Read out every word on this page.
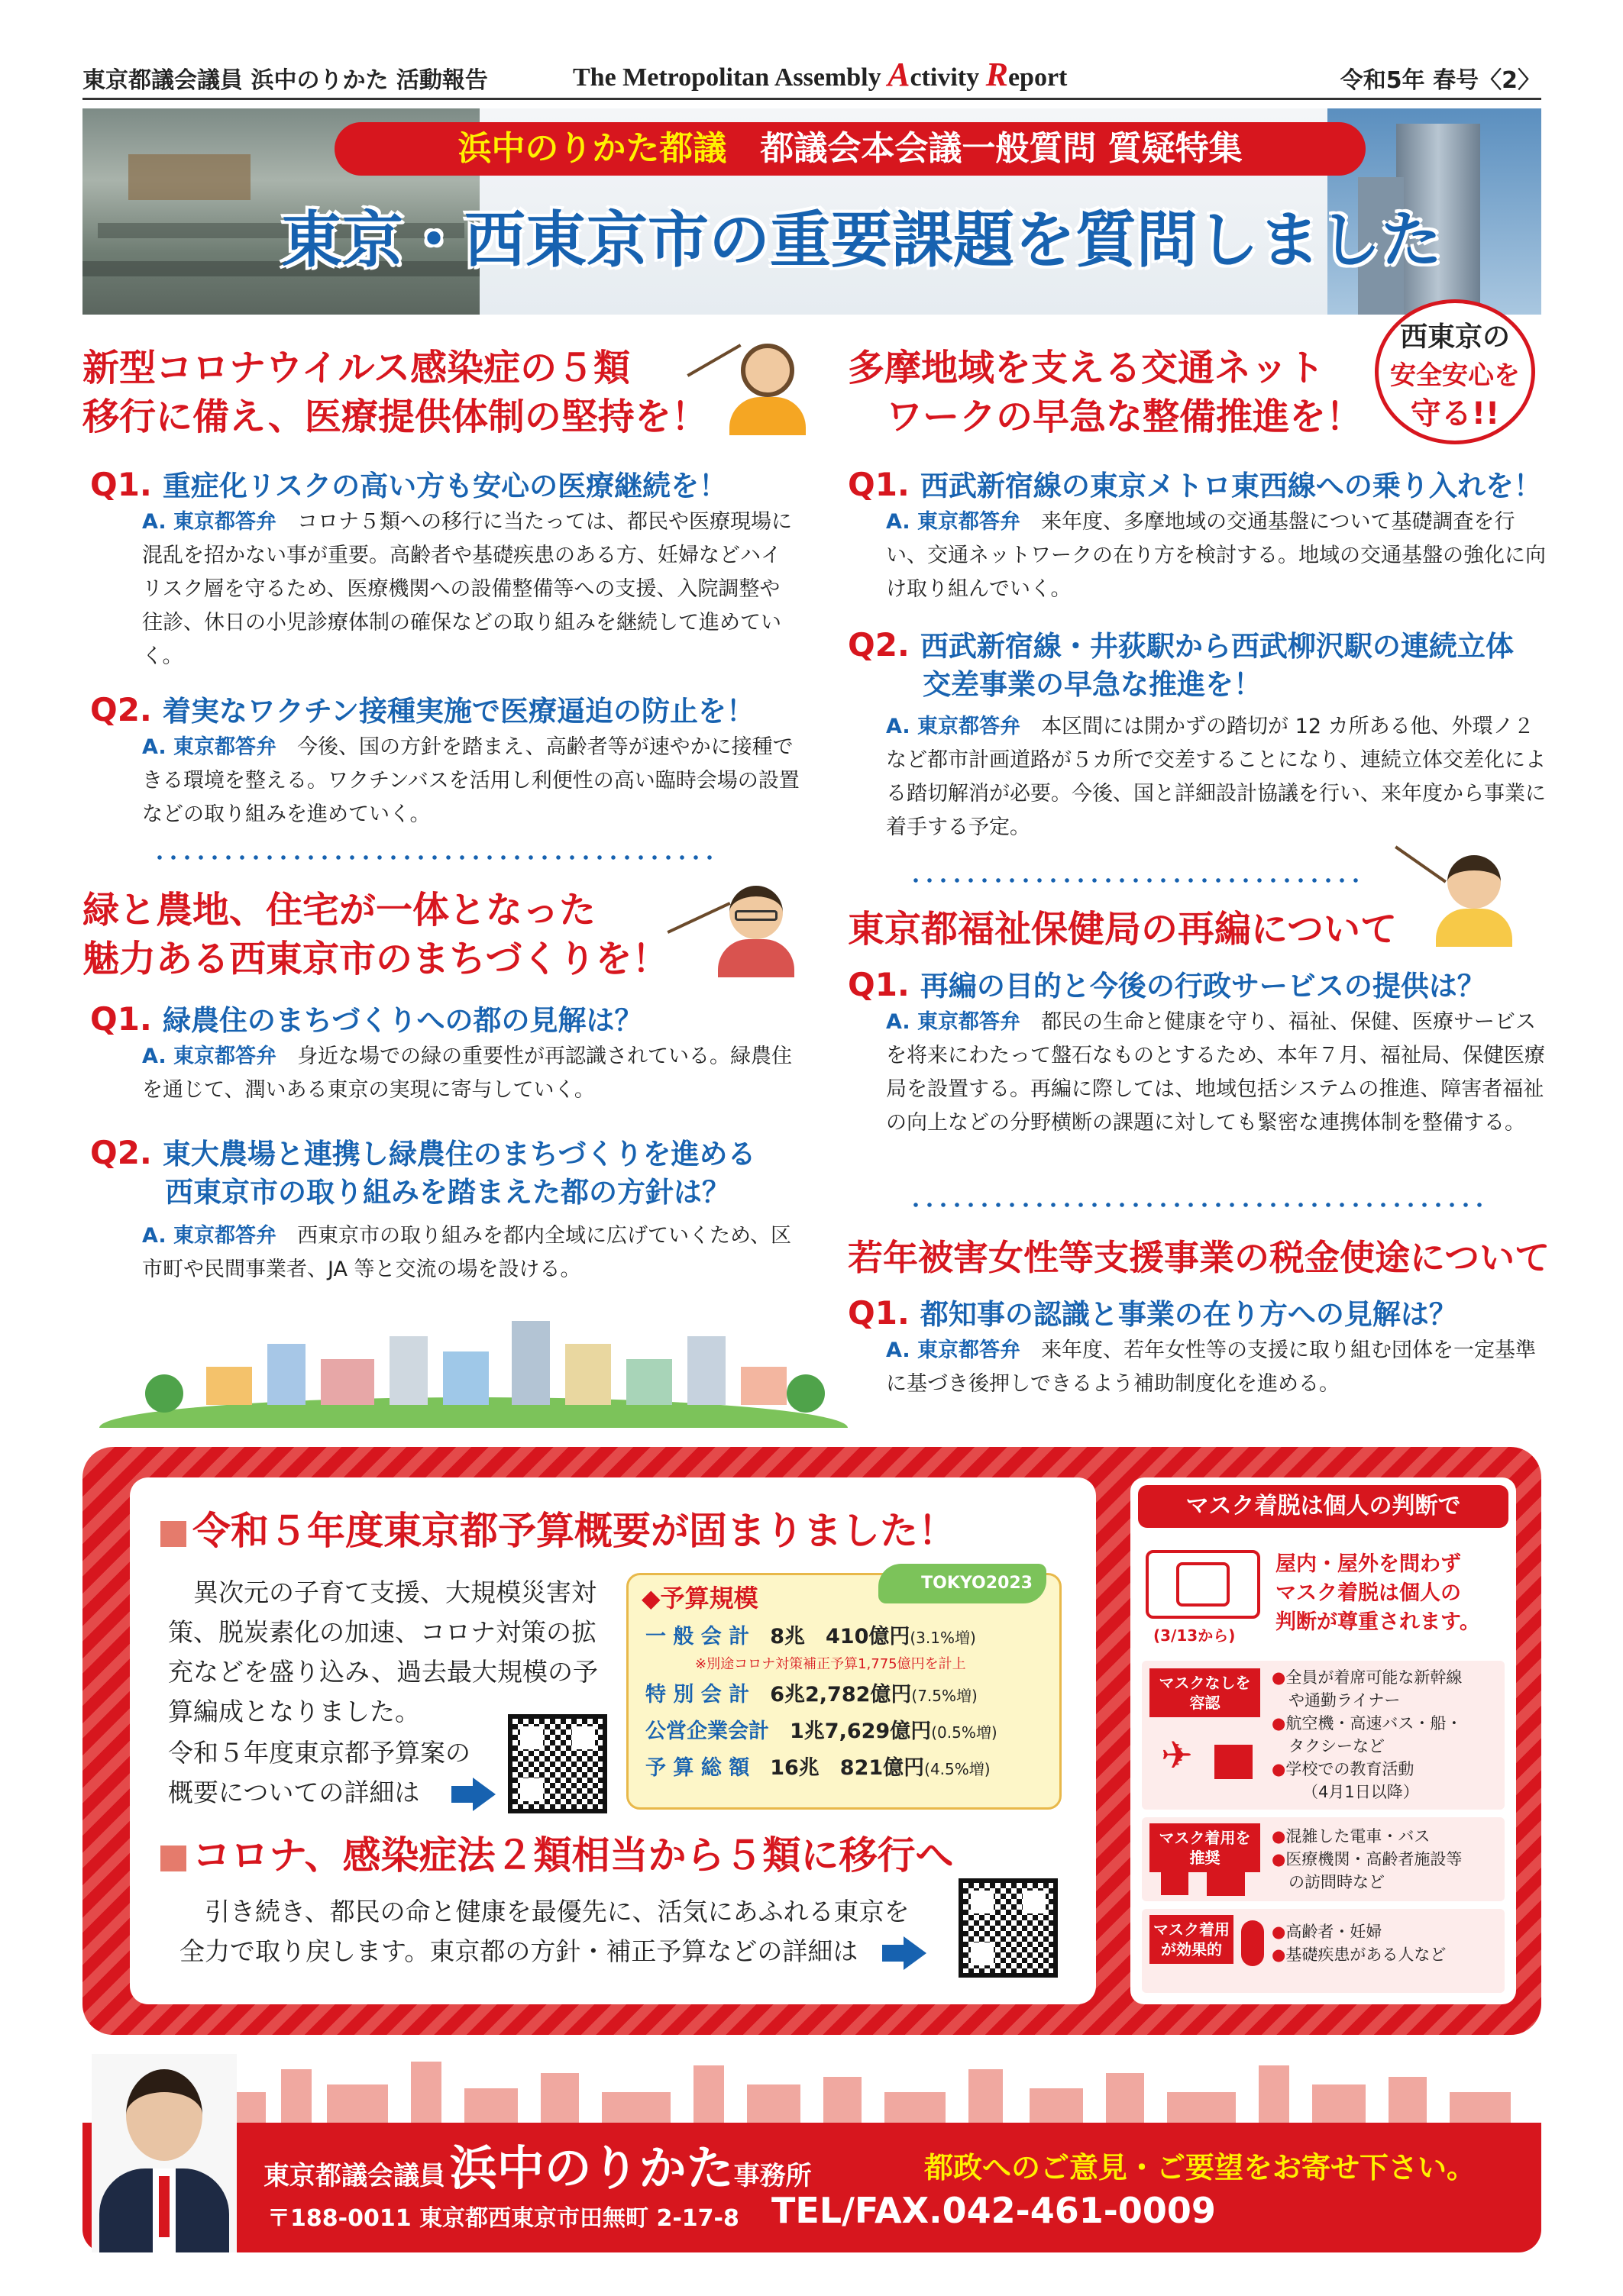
東京都議会議員 浜中のりかた 活動報告	The Metropolitan Assembly Activity Report	令和5年 春号〈2〉
浜中のりかた都議　 都議会本会議一般質問 質疑特集
東京・西東京市の重要課題を質問しました
西東京の
安全安心を
守る!!
新型コロナウイルス感染症の５類
移行に備え、医療提供体制の堅持を！
Q1. 重症化リスクの高い方も安心の医療継続を！
A. 東京都答弁　 コロナ５類への移行に当たっては、都民や医療現場に混乱を招かない事が重要。高齢者や基礎疾患のある方、妊婦などハイリスク層を守るため、医療機関への設備整備等への支援、入院調整や往診、休日の小児診療体制の確保などの取り組みを継続して進めていく。
Q2. 着実なワクチン接種実施で医療逼迫の防止を！
A. 東京都答弁　 今後、国の方針を踏まえ、高齢者等が速やかに接種できる環境を整える。ワクチンバスを活用し利便性の高い臨時会場の設置などの取り組みを進めていく。
緑と農地、住宅が一体となった
魅力ある西東京市のまちづくりを！
Q1. 緑農住のまちづくりへの都の見解は？
A. 東京都答弁　 身近な場での緑の重要性が再認識されている。緑農住を通じて、潤いある東京の実現に寄与していく。
Q2. 東大農場と連携し緑農住のまちづくりを進める
西東京市の取り組みを踏まえた都の方針は？
A. 東京都答弁　 西東京市の取り組みを都内全域に広げていくため、区市町や民間事業者、JA 等と交流の場を設ける。
多摩地域を支える交通ネット
ワークの早急な整備推進を！
Q1. 西武新宿線の東京メトロ東西線への乗り入れを！
A. 東京都答弁　 来年度、多摩地域の交通基盤について基礎調査を行い、交通ネットワークの在り方を検討する。地域の交通基盤の強化に向け取り組んでいく。
Q2. 西武新宿線・井荻駅から西武柳沢駅の連続立体
交差事業の早急な推進を！
A. 東京都答弁　 本区間には開かずの踏切が 12 カ所ある他、外環ノ２など都市計画道路が５カ所で交差することになり、連続立体交差化による踏切解消が必要。今後、国と詳細設計協議を行い、来年度から事業に着手する予定。
東京都福祉保健局の再編について
Q1. 再編の目的と今後の行政サービスの提供は？
A. 東京都答弁　 都民の生命と健康を守り、福祉、保健、医療サービスを将来にわたって盤石なものとするため、本年７月、福祉局、保健医療局を設置する。再編に際しては、地域包括システムの推進、障害者福祉の向上などの分野横断の課題に対しても緊密な連携体制を整備する。
若年被害女性等支援事業の税金使途について
Q1. 都知事の認識と事業の在り方への見解は？
A. 東京都答弁　 来年度、若年女性等の支援に取り組む団体を一定基準に基づき後押しできるよう補助制度化を進める。
令和５年度東京都予算概要が固まりました！
異次元の子育て支援、大規模災害対策、脱炭素化の加速、コロナ対策の拡充などを盛り込み、過去最大規模の予算編成となりました。
令和５年度東京都予算案の
概要についての詳細は
◆予算規模
TOKYO2023
一 般 会 計　 8兆　410億円(3.1%増)
※別途コロナ対策補正予算1,775億円を計上
特 別 会 計　 6兆2,782億円(7.5%増)
公営企業会計　 1兆7,629億円(0.5%増)
予 算 総 額　 16兆　821億円(4.5%増)
コロナ、感染症法２類相当から５類に移行へ
引き続き、都民の命と健康を最優先に、活気にあふれる東京を
全力で取り戻します。東京都の方針・補正予算などの詳細は
マスク着脱は個人の判断で
(3/13から)
屋内・屋外を問わず
マスク着脱は個人の
判断が尊重されます。
マスクなしを容認
✈
●全員が着席可能な新幹線
や通勤ライナー
●航空機・高速バス・船・
タクシーなど
●学校での教育活動
（4月1日以降）
マスク着用を推奨
●混雑した電車・バス
●医療機関・高齢者施設等
の訪問時など
マスク着用が効果的
●高齢者・妊婦
●基礎疾患がある人など
東京都議会議員 浜中のりかた事務所	都政へのご意見・ご要望をお寄せ下さい。
〒188-0011 東京都西東京市田無町 2-17-8 TEL/FAX.042-461-0009
